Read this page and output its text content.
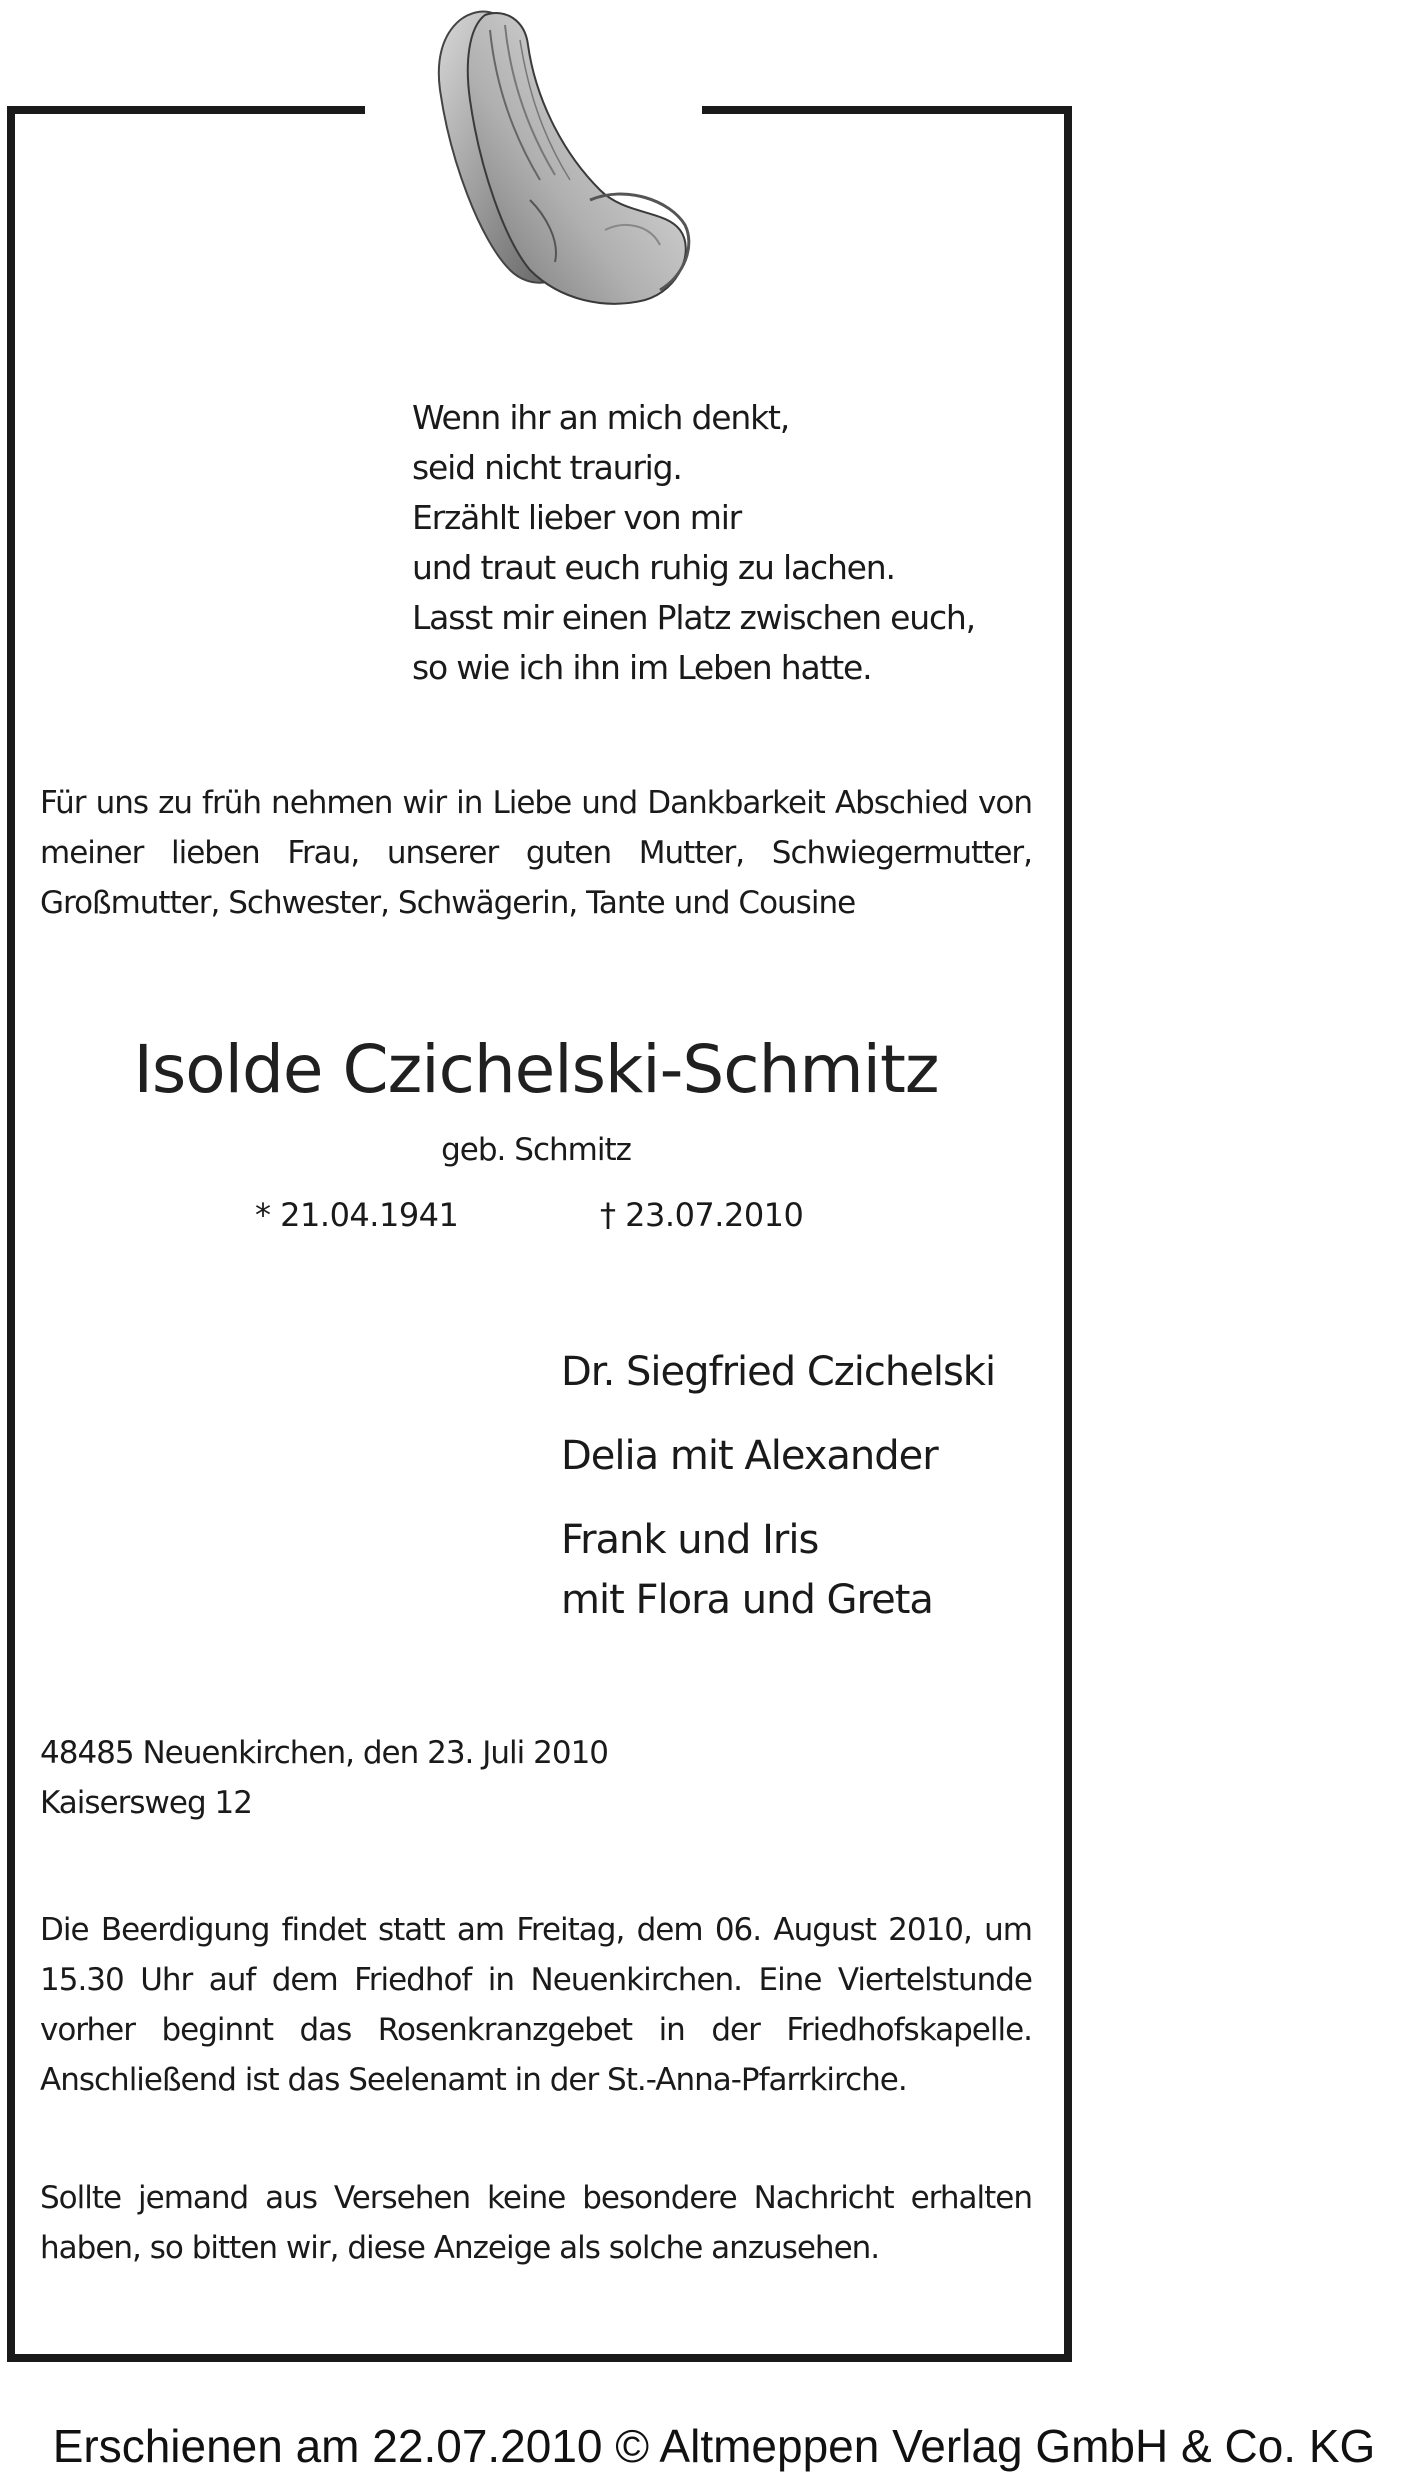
Wenn ihr an mich denkt,
seid nicht traurig.
Erzählt lieber von mir
und traut euch ruhig zu lachen.
Lasst mir einen Platz zwischen euch,
so wie ich ihn im Leben hatte.
Für uns zu früh nehmen wir in Liebe und Dankbarkeit Abschied von meiner lieben Frau, unserer guten Mutter, Schwiegermutter, Großmutter, Schwester, Schwägerin, Tante und Cousine
Isolde Czichelski-Schmitz
geb. Schmitz
* 21.04.1941	† 23.07.2010
Dr. Siegfried Czichelski
Delia mit Alexander
Frank und Iris
mit Flora und Greta
48485 Neuenkirchen, den 23. Juli 2010
Kaisersweg 12
Die Beerdigung findet statt am Freitag, dem 06. August 2010, um 15.30 Uhr auf dem Friedhof in Neuenkirchen. Eine Viertelstunde vorher beginnt das Rosenkranzgebet in der Friedhofskapelle. Anschließend ist das Seelenamt in der St.-Anna-Pfarrkirche.
Sollte jemand aus Versehen keine besondere Nachricht erhalten haben, so bitten wir, diese Anzeige als solche anzusehen.
Erschienen am 22.07.2010 © Altmeppen Verlag GmbH & Co. KG
